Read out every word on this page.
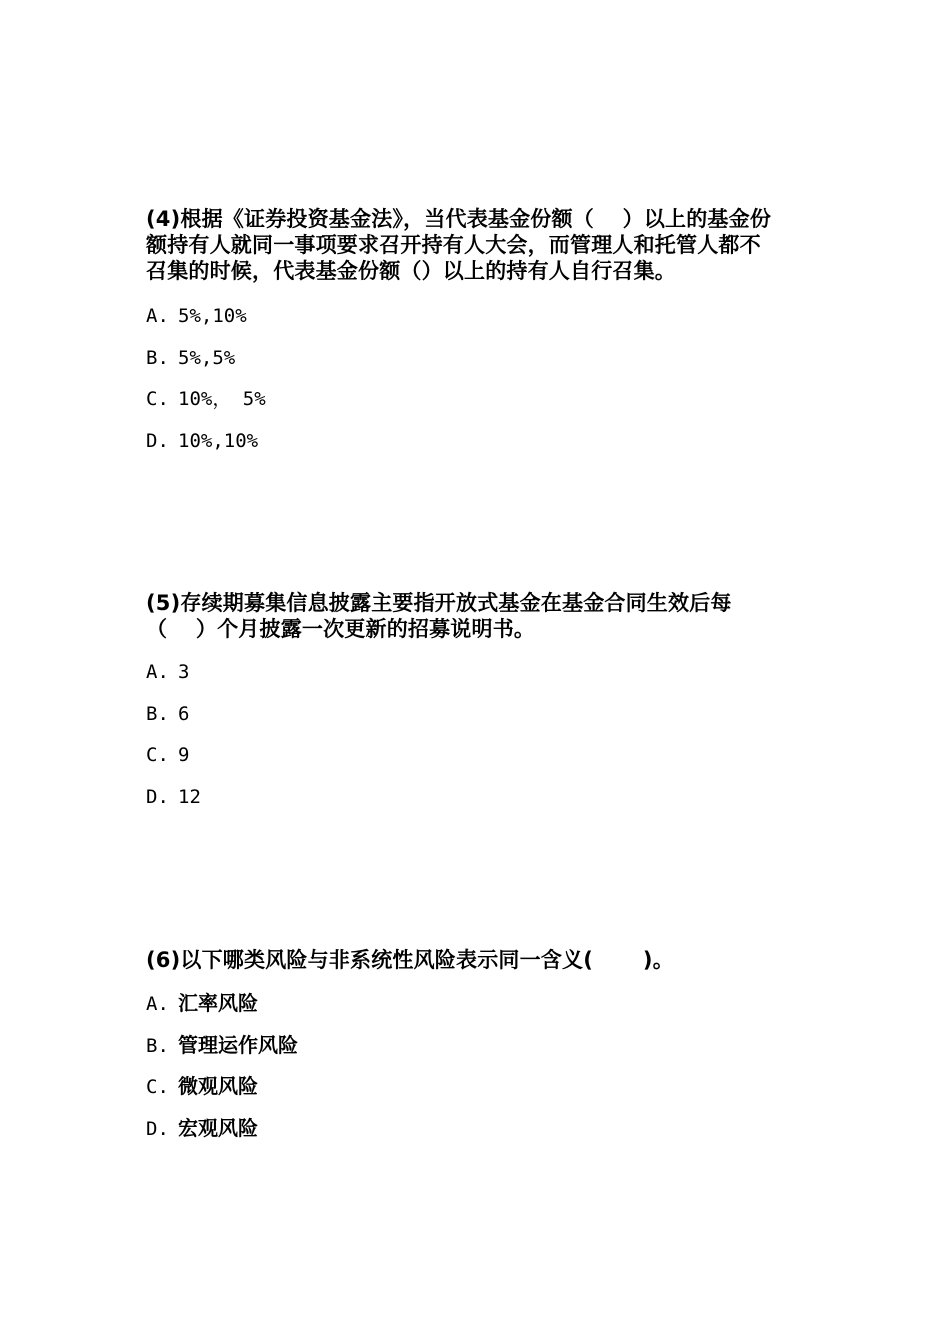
(4)根据《证券投资基金法》，当代表基金份额（　 ）以上的基金份
额持有人就同一事项要求召开持有人大会，而管理人和托管人都不
召集的时候，代表基金份额（）以上的持有人自行召集。

A. 5%,10%
B. 5%,5%
C. 10%， 5%
D. 10%,10%

(5)存续期募集信息披露主要指开放式基金在基金合同生效后每
（　 ）个月披露一次更新的招募说明书。

A. 3
B. 6
C. 9
D. 12

(6)以下哪类风险与非系统性风险表示同一含义(　　 )。

A. 汇率风险
B. 管理运作风险
C. 微观风险
D. 宏观风险
